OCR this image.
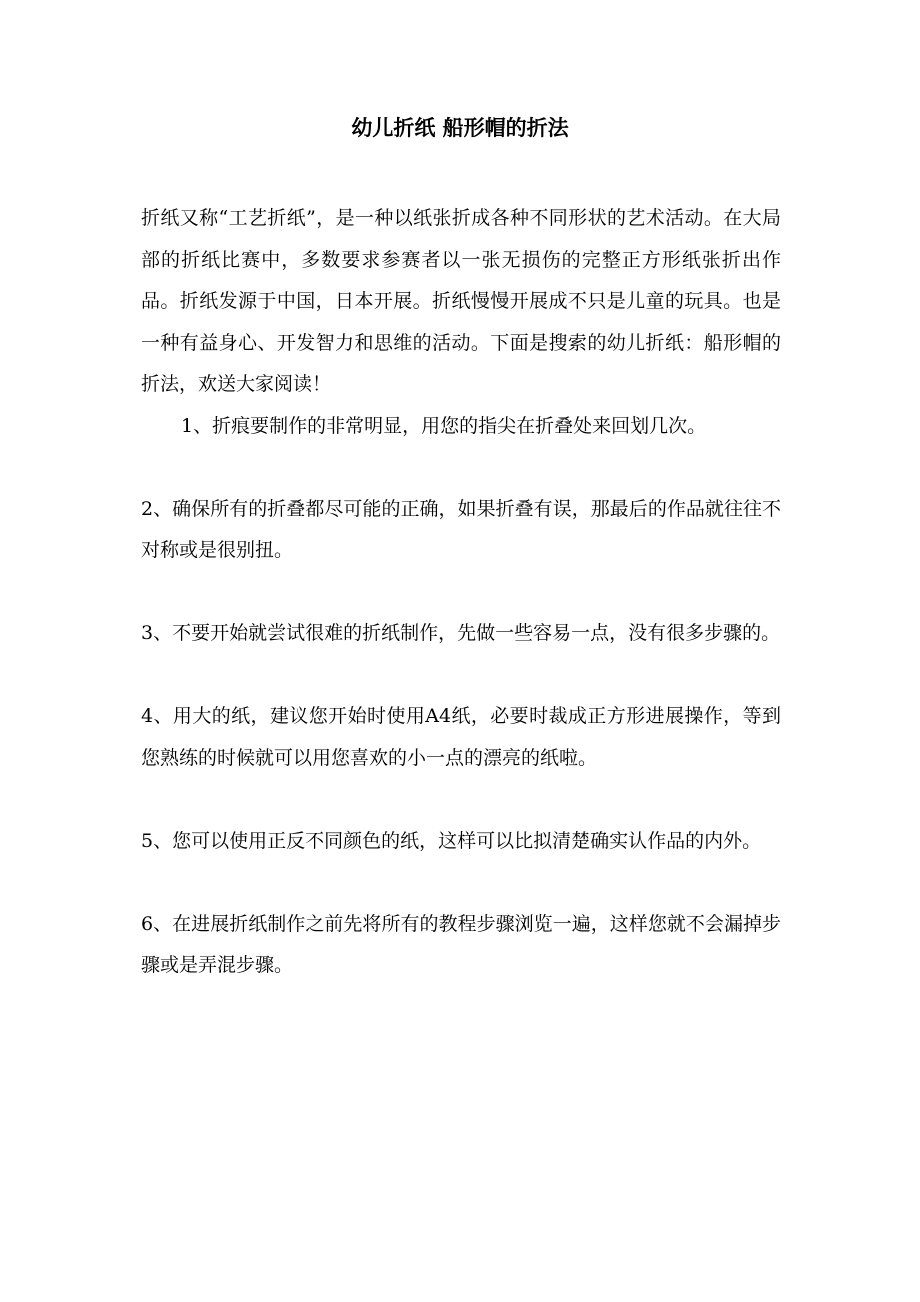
幼儿折纸 船形帽的折法

折纸又称“工艺折纸”，是一种以纸张折成各种不同形状的艺术活动。在大局部的折纸比赛中，多数要求参赛者以一张无损伤的完整正方形纸张折出作品。折纸发源于中国，日本开展。折纸慢慢开展成不只是儿童的玩具。也是一种有益身心、开发智力和思维的活动。下面是搜索的幼儿折纸：船形帽的折法，欢送大家阅读！

1、折痕要制作的非常明显，用您的指尖在折叠处来回划几次。

2、确保所有的折叠都尽可能的正确，如果折叠有误，那最后的作品就往往不对称或是很别扭。

3、不要开始就尝试很难的折纸制作，先做一些容易一点，没有很多步骤的。

4、用大的纸，建议您开始时使用A4纸，必要时裁成正方形进展操作，等到您熟练的时候就可以用您喜欢的小一点的漂亮的纸啦。

5、您可以使用正反不同颜色的纸，这样可以比拟清楚确实认作品的内外。

6、在进展折纸制作之前先将所有的教程步骤浏览一遍，这样您就不会漏掉步骤或是弄混步骤。
